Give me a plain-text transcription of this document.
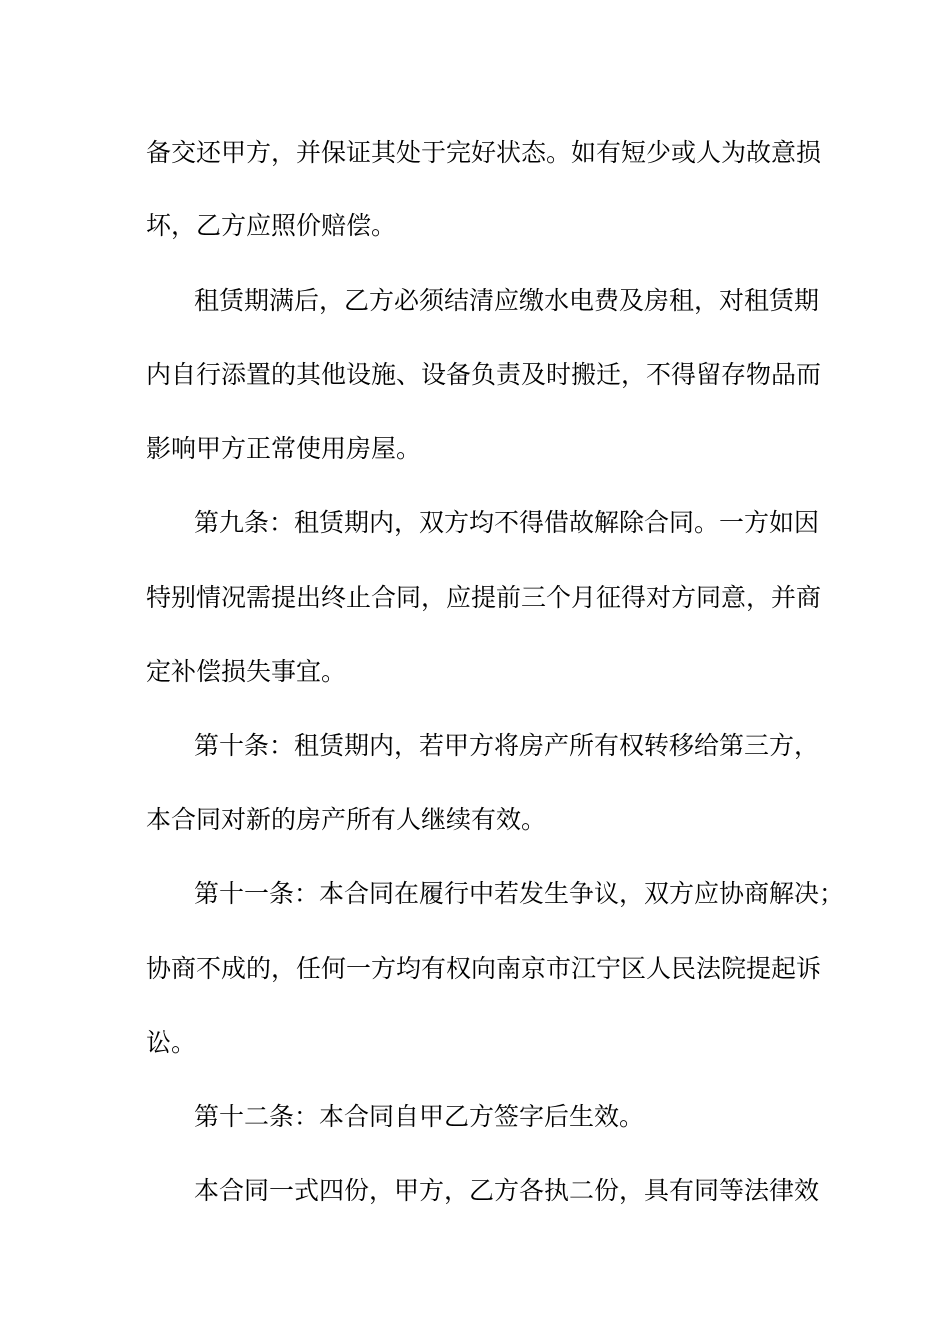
备交还甲方，并保证其处于完好状态。如有短少或人为故意损
坏，乙方应照价赔偿。
租赁期满后，乙方必须结清应缴水电费及房租，对租赁期
内自行添置的其他设施、设备负责及时搬迁，不得留存物品而
影响甲方正常使用房屋。
第九条：租赁期内，双方均不得借故解除合同。一方如因
特别情况需提出终止合同，应提前三个月征得对方同意，并商
定补偿损失事宜。
第十条：租赁期内，若甲方将房产所有权转移给第三方，
本合同对新的房产所有人继续有效。
第十一条：本合同在履行中若发生争议，双方应协商解决；
协商不成的，任何一方均有权向南京市江宁区人民法院提起诉
讼。
第十二条：本合同自甲乙方签字后生效。
本合同一式四份，甲方，乙方各执二份，具有同等法律效
